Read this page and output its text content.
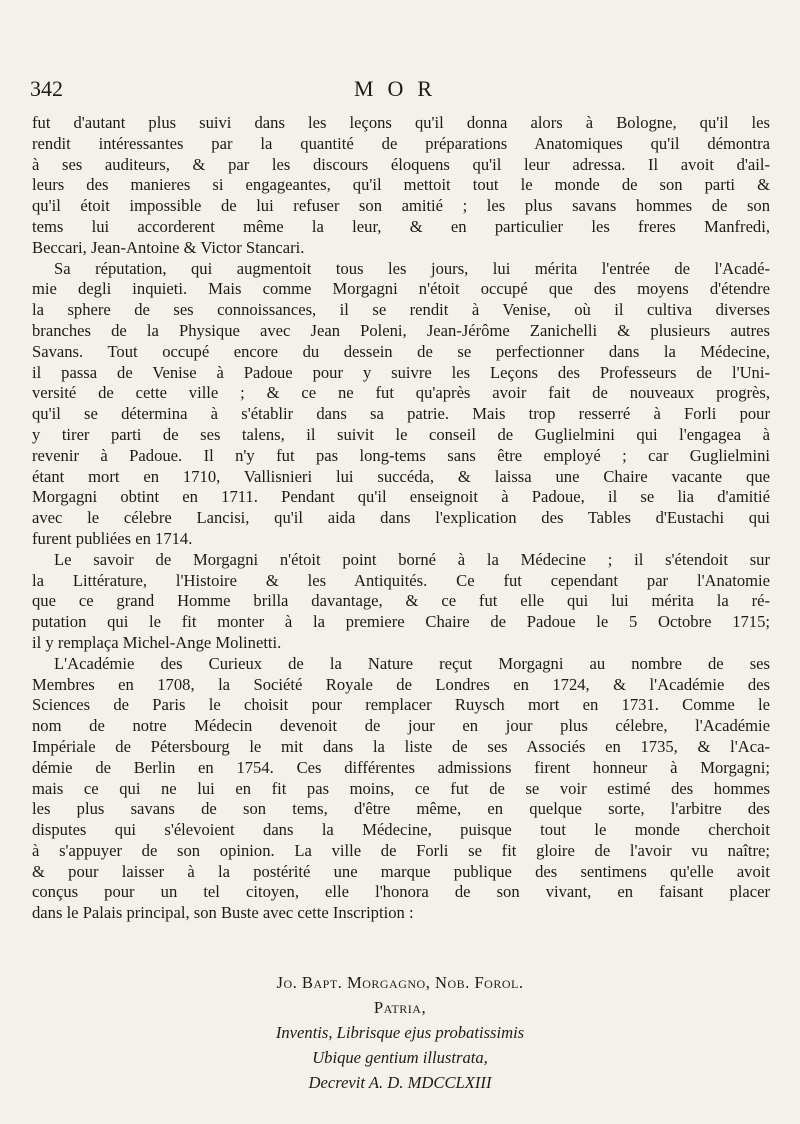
342	MOR
fut d'autant plus suivi dans les leçons qu'il donna alors à Bologne, qu'il les
rendit intéressantes par la quantité de préparations Anatomiques qu'il démontra
à ses auditeurs, & par les discours éloquens qu'il leur adressa. Il avoit d'ail-
leurs des manieres si engageantes, qu'il mettoit tout le monde de son parti &
qu'il étoit impossible de lui refuser son amitié ; les plus savans hommes de son
tems lui accorderent même la leur, & en particulier les freres Manfredi,
Beccari, Jean-Antoine & Victor Stancari.
Sa réputation, qui augmentoit tous les jours, lui mérita l'entrée de l'Acadé-
mie degli inquieti. Mais comme Morgagni n'étoit occupé que des moyens d'étendre
la sphere de ses connoissances, il se rendit à Venise, où il cultiva diverses
branches de la Physique avec Jean Poleni, Jean-Jérôme Zanichelli & plusieurs autres
Savans. Tout occupé encore du dessein de se perfectionner dans la Médecine,
il passa de Venise à Padoue pour y suivre les Leçons des Professeurs de l'Uni-
versité de cette ville ; & ce ne fut qu'après avoir fait de nouveaux progrès,
qu'il se détermina à s'établir dans sa patrie. Mais trop resserré à Forli pour
y tirer parti de ses talens, il suivit le conseil de Guglielmini qui l'engagea à
revenir à Padoue. Il n'y fut pas long-tems sans être employé ; car Guglielmini
étant mort en 1710, Vallisnieri lui succéda, & laissa une Chaire vacante que
Morgagni obtint en 1711. Pendant qu'il enseignoit à Padoue, il se lia d'amitié
avec le célebre Lancisi, qu'il aida dans l'explication des Tables d'Eustachi qui
furent publiées en 1714.
Le savoir de Morgagni n'étoit point borné à la Médecine ; il s'étendoit sur
la Littérature, l'Histoire & les Antiquités. Ce fut cependant par l'Anatomie
que ce grand Homme brilla davantage, & ce fut elle qui lui mérita la ré-
putation qui le fit monter à la premiere Chaire de Padoue le 5 Octobre 1715;
il y remplaça Michel-Ange Molinetti.
L'Académie des Curieux de la Nature reçut Morgagni au nombre de ses
Membres en 1708, la Société Royale de Londres en 1724, & l'Académie des
Sciences de Paris le choisit pour remplacer Ruysch mort en 1731. Comme le
nom de notre Médecin devenoit de jour en jour plus célebre, l'Académie
Impériale de Pétersbourg le mit dans la liste de ses Associés en 1735, & l'Aca-
démie de Berlin en 1754. Ces différentes admissions firent honneur à Morgagni;
mais ce qui ne lui en fit pas moins, ce fut de se voir estimé des hommes
les plus savans de son tems, d'être même, en quelque sorte, l'arbitre des
disputes qui s'élevoient dans la Médecine, puisque tout le monde cherchoit
à s'appuyer de son opinion. La ville de Forli se fit gloire de l'avoir vu naître;
& pour laisser à la postérité une marque publique des sentimens qu'elle avoit
conçus pour un tel citoyen, elle l'honora de son vivant, en faisant placer
dans le Palais principal, son Buste avec cette Inscription :
Jo. Bapt. Morgagno, Nob. Forol.
Patria,
Inventis, Librisque ejus probatissimis
Ubique gentium illustrata,
Decrevit A. D. MDCCLXIII
